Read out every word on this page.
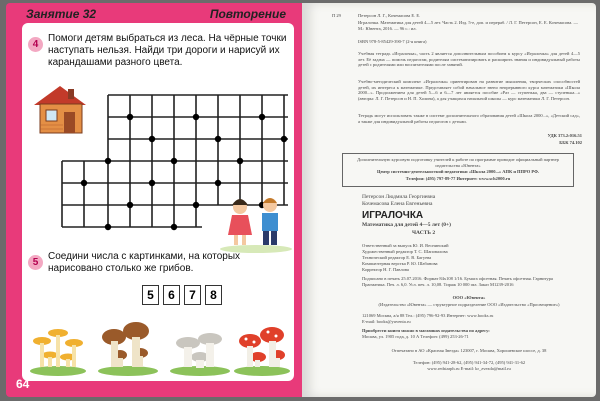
Занятие 32	Повторение
4
Помоги детям выбраться из леса. На чёрные точки наступать нельзя. Найди три дороги и нарисуй их карандашами разного цвета.
5
Соедини числа с картинками, на которых нарисовано столько же грибов.
5	6	7	8
64
П 29	Петерсон Л. Г., Кочемасова Е. Е.
Игралочка. Математика для детей 4—5 лет. Часть 2. Изд. 5-е, доп. и перераб. / Л. Г. Петерсон, Е. Е. Кочемасова. — М.: Ювента, 2016. — 96 с.: ил.
ISBN 978-5-85429-390-7 (2-я книга)
Учебная тетрадь «Игралочка», часть 2 является дополнительным пособием к курсу «Игралочка» для детей 4—5 лет. Её задача — помочь педагогам, родителям систематизировать и расширить знания и индивидуальный работы детей с родителями или воспитателями после занятий.
Учебно-методический комплект «Игралочка» ориентирован на развитие мышления, творческих способностей детей, их интереса к математике. Представляет собой начальное звено непрерывного курса математики «Школа 2000...». Продолжением для детей 5—6 и 6—7 лет является пособие «Раз — ступенька, два — ступенька...» (авторы: Л. Г. Петерсон и Н. П. Холина), а для учащихся начальной школы — курс математики Л. Г. Петерсон.
Тетрадь могут использовать также в системе дополнительного образования детей «Школа 2000...», «Детский сад», а также для индивидуальной работы педагогов с детьми.
УДК 373.2:016.51
ББК 74.102
Дополнительную курсовую подготовку учителей к работе по программе проводит официальный партнер издательства «Ювента»
Центр системно-деятельностной педагогики «Школа 2000...» АПК и ППРО РФ.
Телефон: (495) 797-89-77 Интернет: www.sch2000.ru
Петерсон Людмила Георгиевна
Кочемасова Елена Евгеньевна
ИГРАЛОЧКА
Математика для детей 4—5 лет (0+)
ЧАСТЬ 2
Ответственный за выпуск Ю. И. Веснинский
Художественный редактор Т. С. Шаповалова
Технический редактор Е. В. Багуева
Компьютерная верстка Р. Ю. Шабанова
Корректор Н. Г. Павлова
Подписано в печать 25.07.2016. Формат 84x108 1/16. Бумага офсетная. Печать офсетная. Гарнитура Прагматика. Печ. л. 6,0. Усл. печ. л. 10,08. Тираж 10 000 экз. Заказ М1239-2016
ООО «Ювента»
(Издательство «Ювента» — структурное подразделение ООО «Издательство «Просвещение»)
121069 Москва, а/я 88 Тел.: (495) 796-92-93 Интернет: www.books.ru
E-mail: books@yuventa.ru
Приобрести книги можно в магазинах издательства по адресу:
Москва, ул. 1905 года, д. 10 А Телефон: (499) 253-26-71
Отпечатано в АО «Красная Звезда» 123007, г. Москва, Хорошевское шоссе, д. 38
Телефон: (495) 941-28-62, (495) 941-34-72, (495) 941-31-62
www.redstarph.ru E-mail: kr_zvezda@mail.ru
